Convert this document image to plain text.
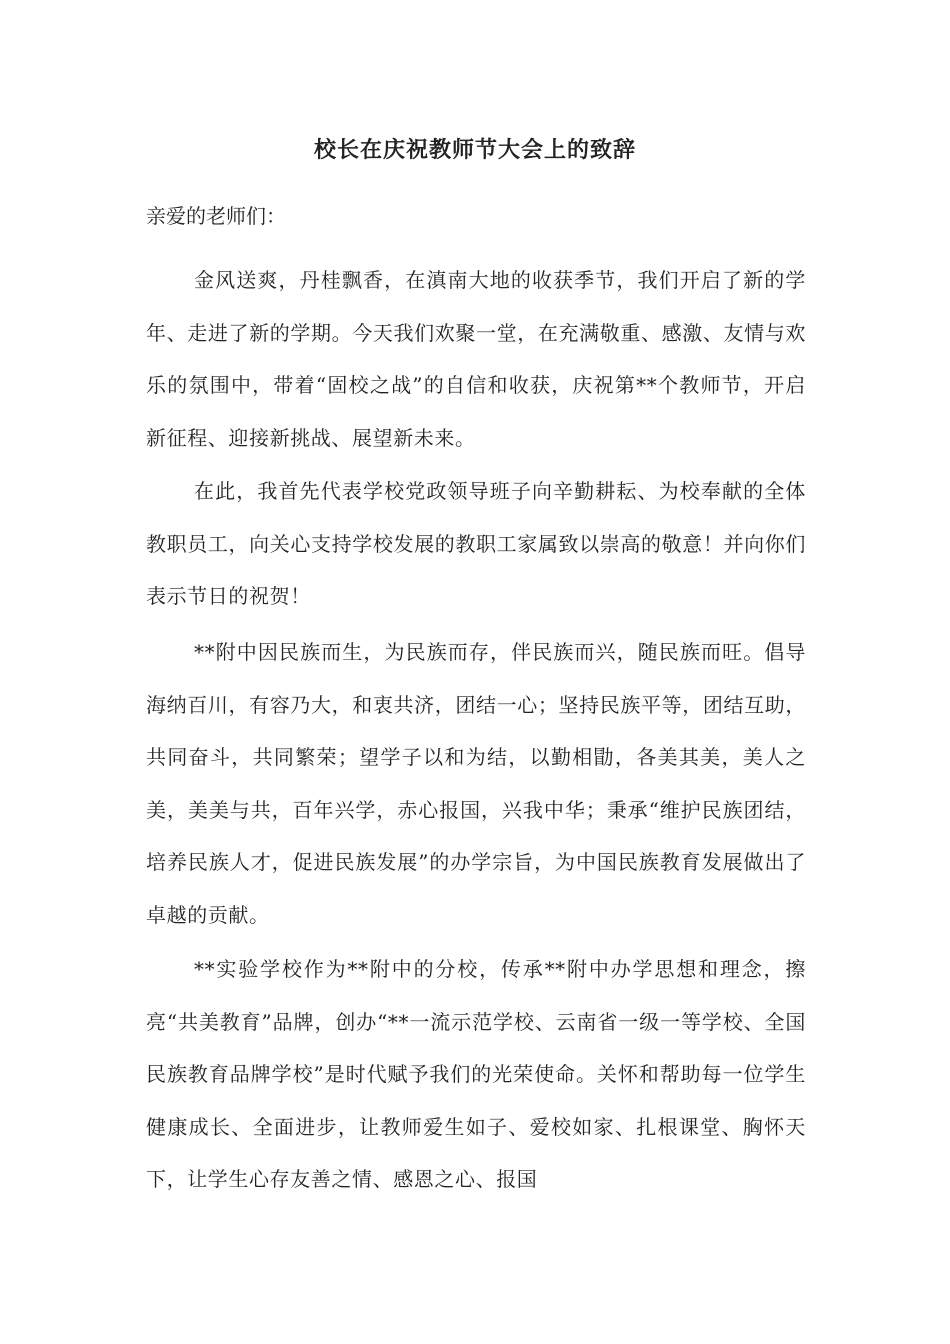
校长在庆祝教师节大会上的致辞

亲爱的老师们：

金风送爽，丹桂飘香，在滇南大地的收获季节，我们开启了新的学年、走进了新的学期。今天我们欢聚一堂，在充满敬重、感激、友情与欢乐的氛围中，带着“固校之战”的自信和收获，庆祝第**个教师节，开启新征程、迎接新挑战、展望新未来。

在此，我首先代表学校党政领导班子向辛勤耕耘、为校奉献的全体教职员工，向关心支持学校发展的教职工家属致以崇高的敬意！并向你们表示节日的祝贺！

**附中因民族而生，为民族而存，伴民族而兴，随民族而旺。倡导海纳百川，有容乃大，和衷共济，团结一心；坚持民族平等，团结互助，共同奋斗，共同繁荣；望学子以和为结，以勤相勖，各美其美，美人之美，美美与共，百年兴学，赤心报国，兴我中华；秉承“维护民族团结，培养民族人才，促进民族发展”的办学宗旨，为中国民族教育发展做出了卓越的贡献。

**实验学校作为**附中的分校，传承**附中办学思想和理念，擦亮“共美教育”品牌，创办“**一流示范学校、云南省一级一等学校、全国民族教育品牌学校”是时代赋予我们的光荣使命。关怀和帮助每一位学生健康成长、全面进步，让教师爱生如子、爱校如家、扎根课堂、胸怀天下，让学生心存友善之情、感恩之心、报国
